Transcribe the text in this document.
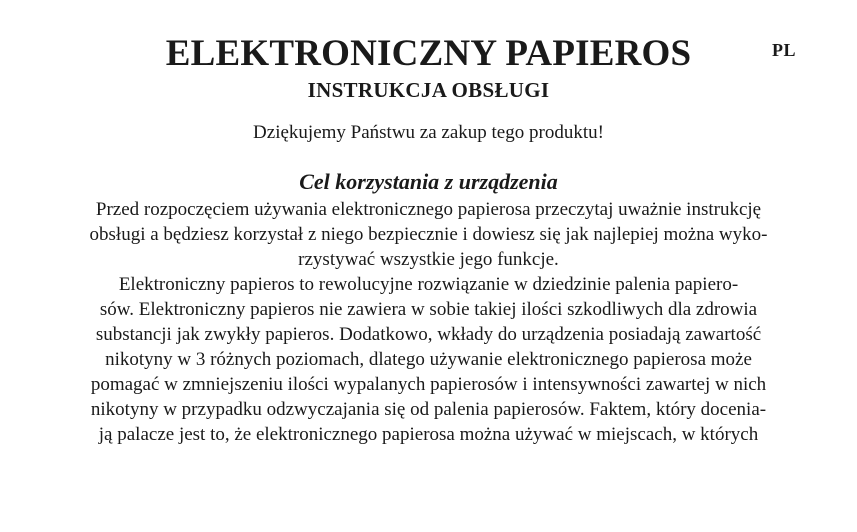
PL
ELEKTRONICZNY PAPIEROS
INSTRUKCJA OBSŁUGI
Dziękujemy Państwu za zakup tego produktu!
Cel korzystania z urządzenia
Przed rozpoczęciem używania elektronicznego papierosa przeczytaj uważnie instrukcję
obsługi a będziesz korzystał z niego bezpiecznie i dowiesz się jak najlepiej można wyko-
rzystywać wszystkie jego funkcje.
Elektroniczny papieros to rewolucyjne rozwiązanie w dziedzinie palenia papiero-
sów. Elektroniczny papieros nie zawiera w sobie takiej ilości szkodliwych dla zdrowia
substancji jak zwykły papieros. Dodatkowo, wkłady do urządzenia posiadają zawartość
nikotyny w 3 różnych poziomach, dlatego używanie elektronicznego papierosa może
pomagać w zmniejszeniu ilości wypalanych papierosów i intensywności zawartej w nich
nikotyny w przypadku odzwyczajania się od palenia papierosów. Faktem, który docenia-
ją palacze jest to, że elektronicznego papierosa można używać w miejscach, w których
